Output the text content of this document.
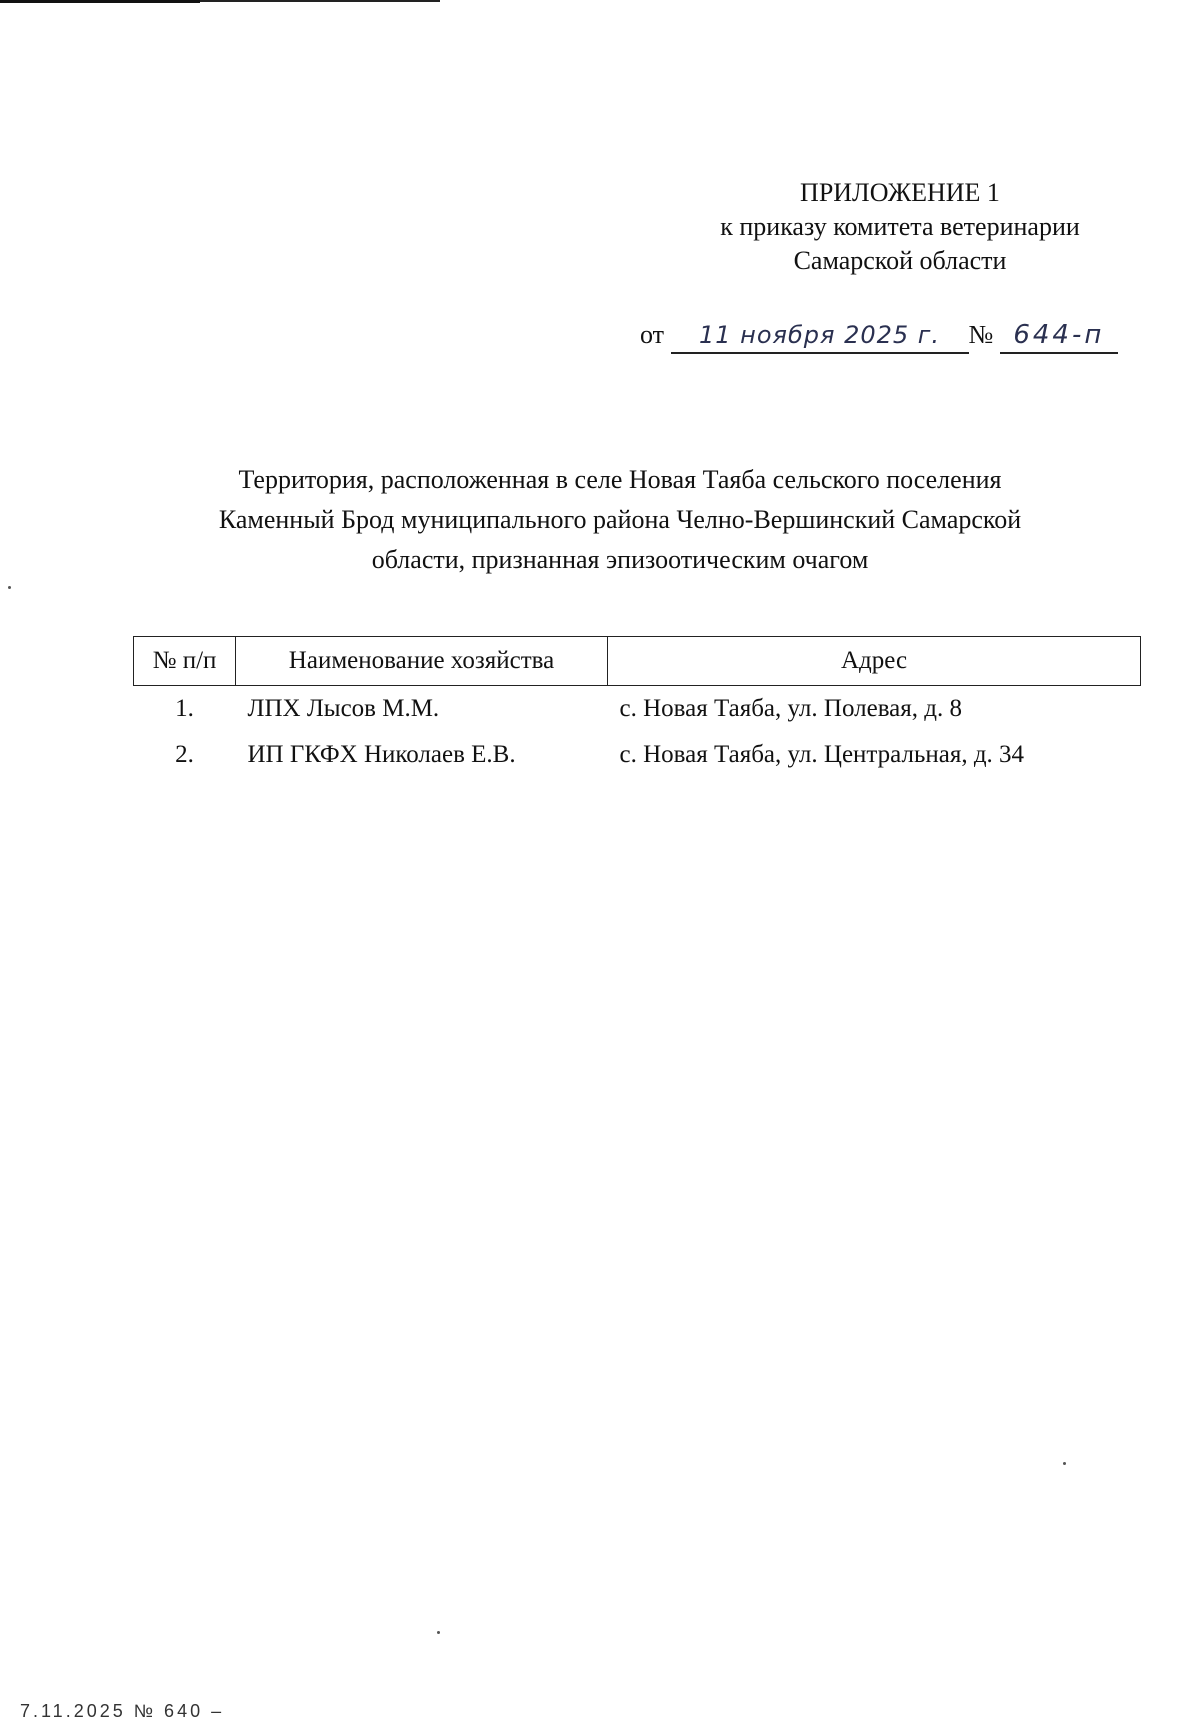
ПРИЛОЖЕНИЕ 1
к приказу комитета ветеринарии
Самарской области
от 11 ноября 2025 г. № 644-п
Территория, расположенная в селе Новая Таяба сельского поселения
Каменный Брод муниципального района Челно-Вершинский Самарской
области, признанная эпизоотическим очагом
№ п/п	Наименование хозяйства	Адрес
1.	ЛПХ Лысов М.М.	с. Новая Таяба, ул. Полевая, д. 8
2.	ИП ГКФХ Николаев Е.В.	с. Новая Таяба, ул. Центральная, д. 34
7.11.2025 № 640 –
